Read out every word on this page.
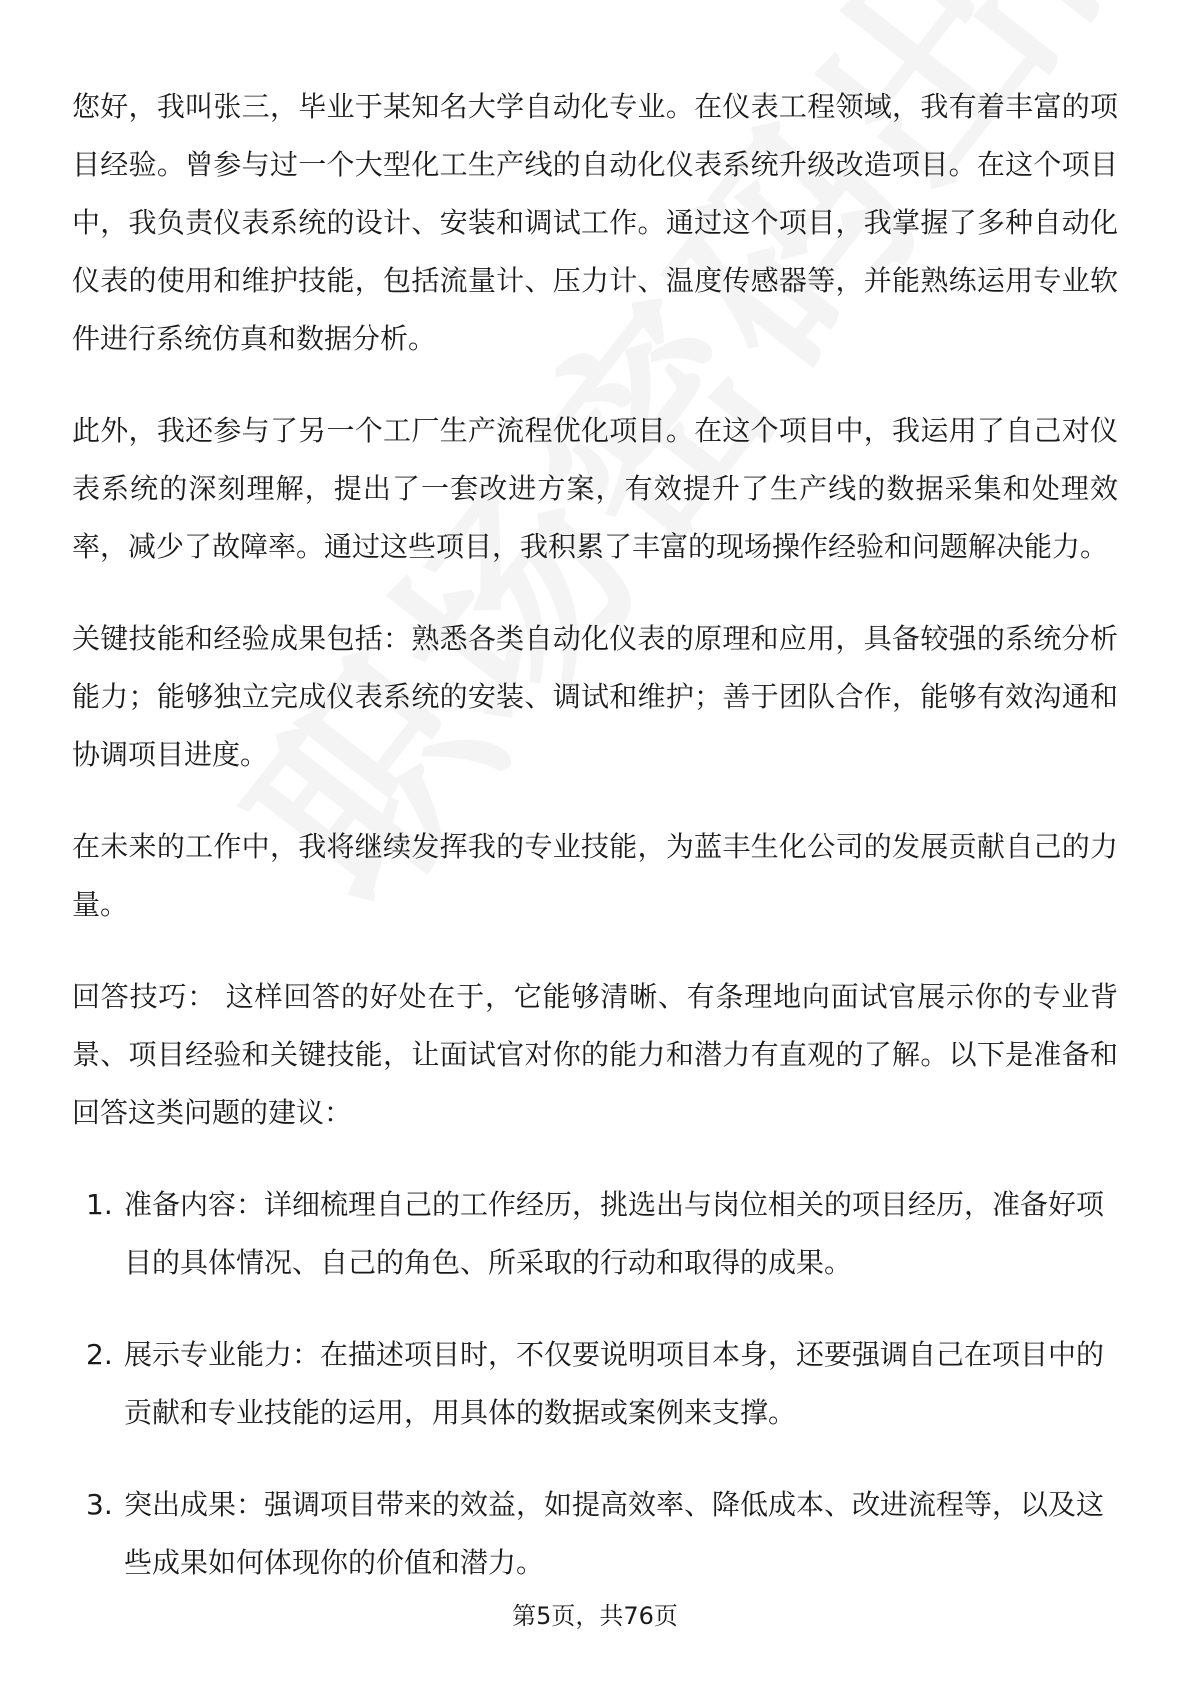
您好，我叫张三，毕业于某知名大学自动化专业。在仪表工程领域，我有着丰富的项目经验。曾参与过一个大型化工生产线的自动化仪表系统升级改造项目。在这个项目中，我负责仪表系统的设计、安装和调试工作。通过这个项目，我掌握了多种自动化仪表的使用和维护技能，包括流量计、压力计、温度传感器等，并能熟练运用专业软件进行系统仿真和数据分析。

此外，我还参与了另一个工厂生产流程优化项目。在这个项目中，我运用了自己对仪表系统的深刻理解，提出了一套改进方案，有效提升了生产线的数据采集和处理效率，减少了故障率。通过这些项目，我积累了丰富的现场操作经验和问题解决能力。

关键技能和经验成果包括：熟悉各类自动化仪表的原理和应用，具备较强的系统分析能力；能够独立完成仪表系统的安装、调试和维护；善于团队合作，能够有效沟通和协调项目进度。

在未来的工作中，我将继续发挥我的专业技能，为蓝丰生化公司的发展贡献自己的力量。

回答技巧： 这样回答的好处在于，它能够清晰、有条理地向面试官展示你的专业背景、项目经验和关键技能，让面试官对你的能力和潜力有直观的了解。以下是准备和回答这类问题的建议：

1. 准备内容：详细梳理自己的工作经历，挑选出与岗位相关的项目经历，准备好项目的具体情况、自己的角色、所采取的行动和取得的成果。
2. 展示专业能力：在描述项目时，不仅要说明项目本身，还要强调自己在项目中的贡献和专业技能的运用，用具体的数据或案例来支撑。
3. 突出成果：强调项目带来的效益，如提高效率、降低成本、改进流程等，以及这些成果如何体现你的价值和潜力。
第5页，共76页
